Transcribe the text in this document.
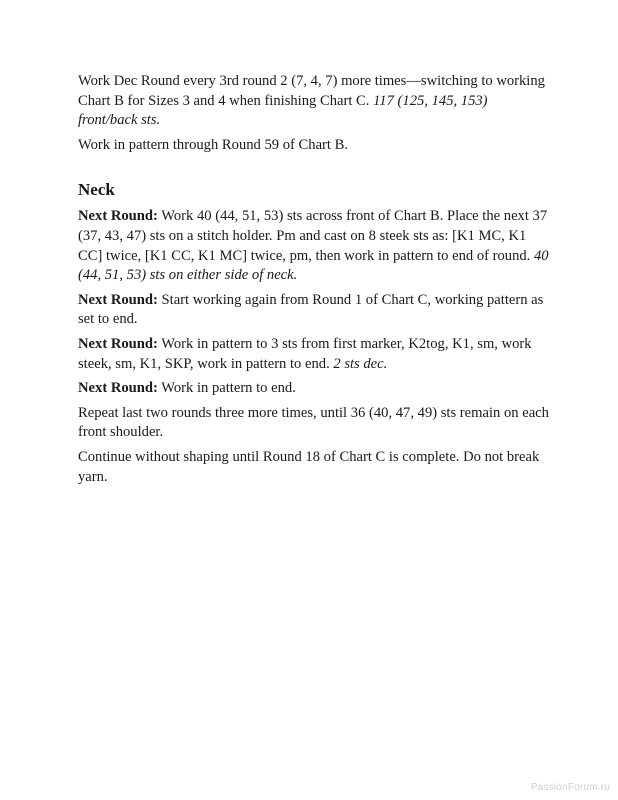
Work Dec Round every 3rd round 2 (7, 4, 7) more times—switching to working Chart B for Sizes 3 and 4 when finishing Chart C. 117 (125, 145, 153) front/back sts.

Work in pattern through Round 59 of Chart B.

Neck

Next Round: Work 40 (44, 51, 53) sts across front of Chart B. Place the next 37 (37, 43, 47) sts on a stitch holder. Pm and cast on 8 steek sts as: [K1 MC, K1 CC] twice, [K1 CC, K1 MC] twice, pm, then work in pattern to end of round. 40 (44, 51, 53) sts on either side of neck.

Next Round: Start working again from Round 1 of Chart C, working pattern as set to end.

Next Round: Work in pattern to 3 sts from first marker, K2tog, K1, sm, work steek, sm, K1, SKP, work in pattern to end. 2 sts dec.

Next Round: Work in pattern to end.

Repeat last two rounds three more times, until 36 (40, 47, 49) sts remain on each front shoulder.

Continue without shaping until Round 18 of Chart C is complete. Do not break yarn.

PassionForum.ru
